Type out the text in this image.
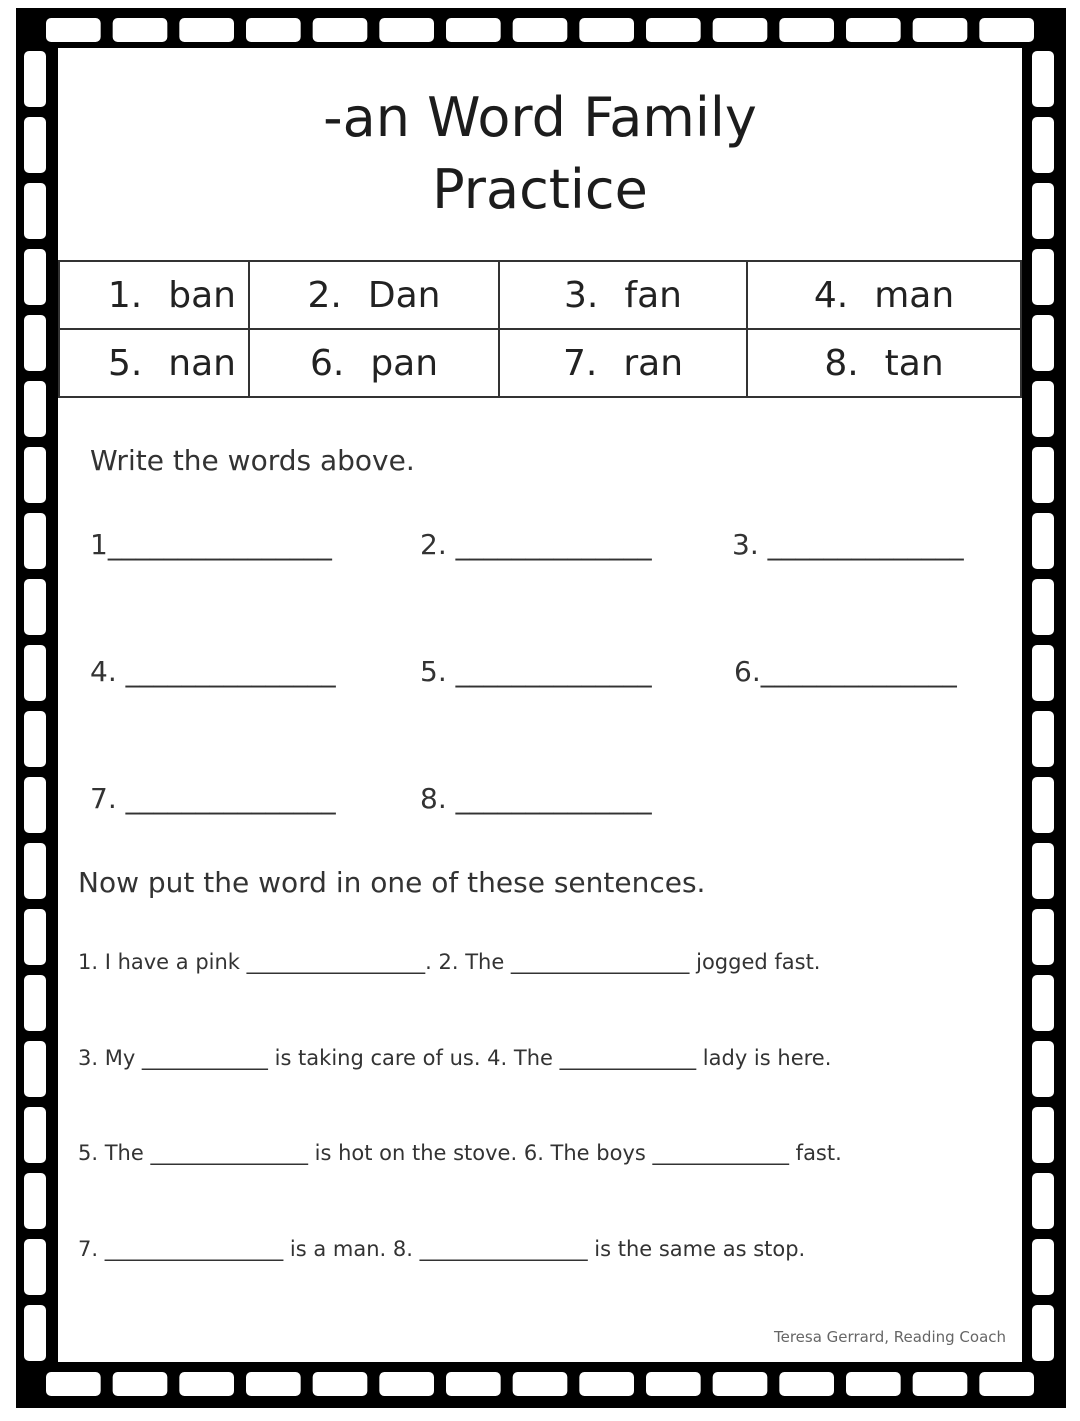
-an Word Family
Practice
1. ban	2. Dan	3. fan	4. man
5. nan	6. pan	7. ran	8. tan
Write the words above.
1________________	2. ______________	3. ______________
4. _______________	5. ______________	6.______________
7. _______________	8. ______________
Now put the word in one of these sentences.
1. I have a pink _________________. 2. The _________________ jogged fast.
3. My ____________ is taking care of us. 4. The _____________ lady is here.
5. The _______________ is hot on the stove. 6. The boys _____________ fast.
7. _________________ is a man. 8. ________________ is the same as stop.
Teresa Gerrard, Reading Coach
